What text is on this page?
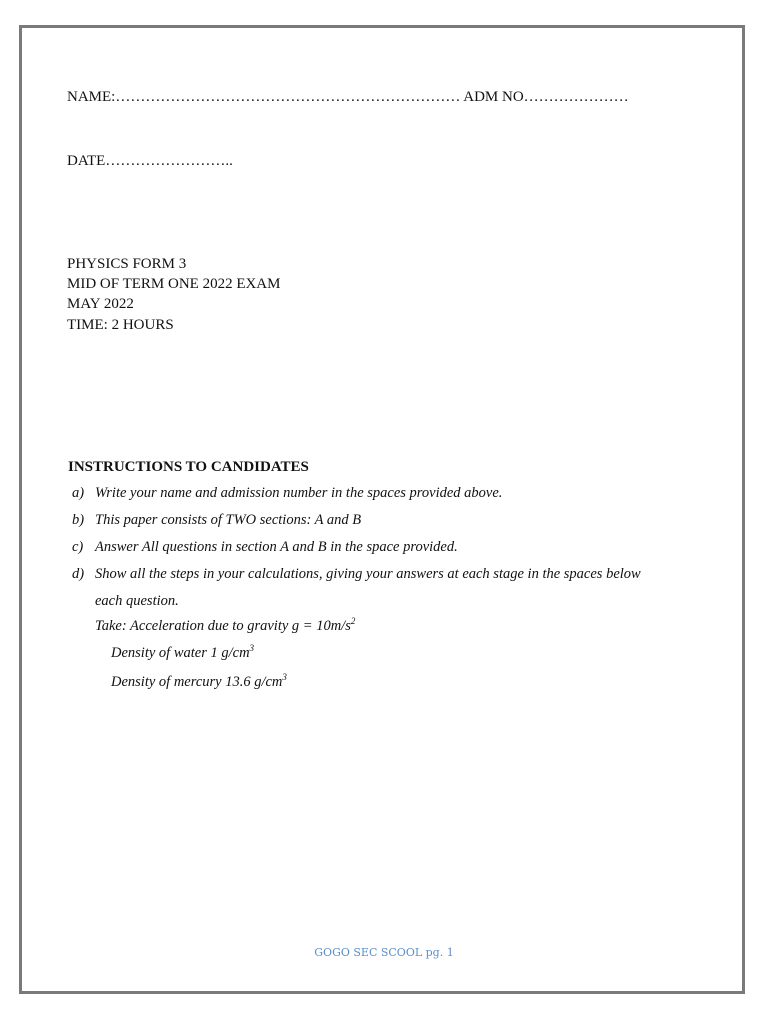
NAME:…………………………………………………………… ADM NO…………………
DATE……………………..
PHYSICS FORM 3
MID OF TERM ONE 2022 EXAM
MAY 2022
TIME: 2 HOURS
INSTRUCTIONS TO CANDIDATES
a) Write your name and admission number in the spaces provided above.
b) This paper consists of TWO sections: A and B
c) Answer All questions in section A and B in the space provided.
d) Show all the steps in your calculations, giving your answers at each stage in the spaces below
each question.
Take: Acceleration due to gravity $g = 10m/s^2$
Density of water 1 $g/cm^3$
Density of mercury 13.6 $g/cm^3$
GOGO SEC SCOOL pg. 1
